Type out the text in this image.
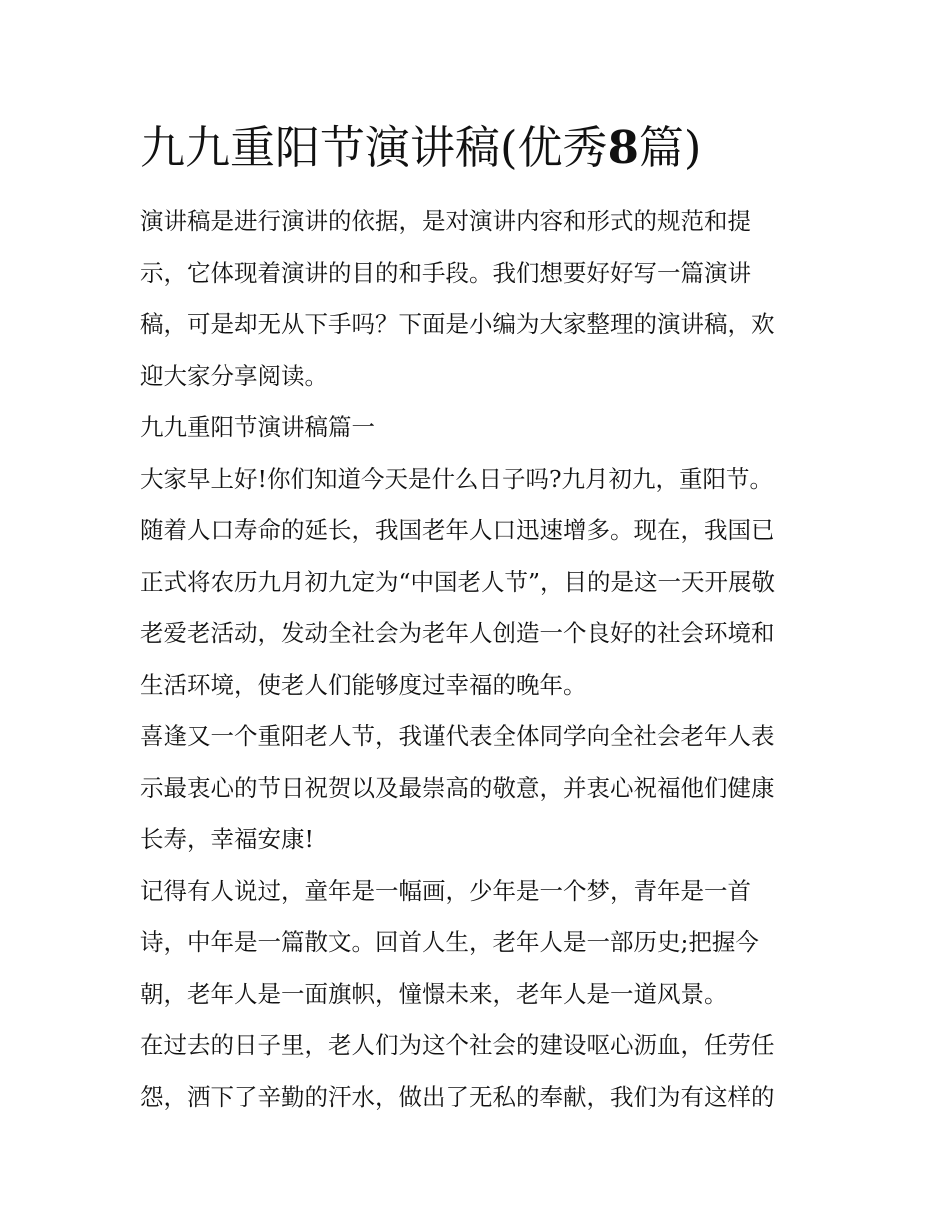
九九重阳节演讲稿(优秀8篇)
演讲稿是进行演讲的依据，是对演讲内容和形式的规范和提
示，它体现着演讲的目的和手段。我们想要好好写一篇演讲
稿，可是却无从下手吗？下面是小编为大家整理的演讲稿，欢
迎大家分享阅读。
九九重阳节演讲稿篇一
大家早上好!你们知道今天是什么日子吗?九月初九，重阳节。
随着人口寿命的延长，我国老年人口迅速增多。现在，我国已
正式将农历九月初九定为“中国老人节”，目的是这一天开展敬
老爱老活动，发动全社会为老年人创造一个良好的社会环境和
生活环境，使老人们能够度过幸福的晚年。
喜逢又一个重阳老人节，我谨代表全体同学向全社会老年人表
示最衷心的节日祝贺以及最崇高的敬意，并衷心祝福他们健康
长寿，幸福安康!
记得有人说过，童年是一幅画，少年是一个梦，青年是一首
诗，中年是一篇散文。回首人生，老年人是一部历史;把握今
朝，老年人是一面旗帜，憧憬未来，老年人是一道风景。
在过去的日子里，老人们为这个社会的建设呕心沥血，任劳任
怨，洒下了辛勤的汗水，做出了无私的奉献，我们为有这样的
